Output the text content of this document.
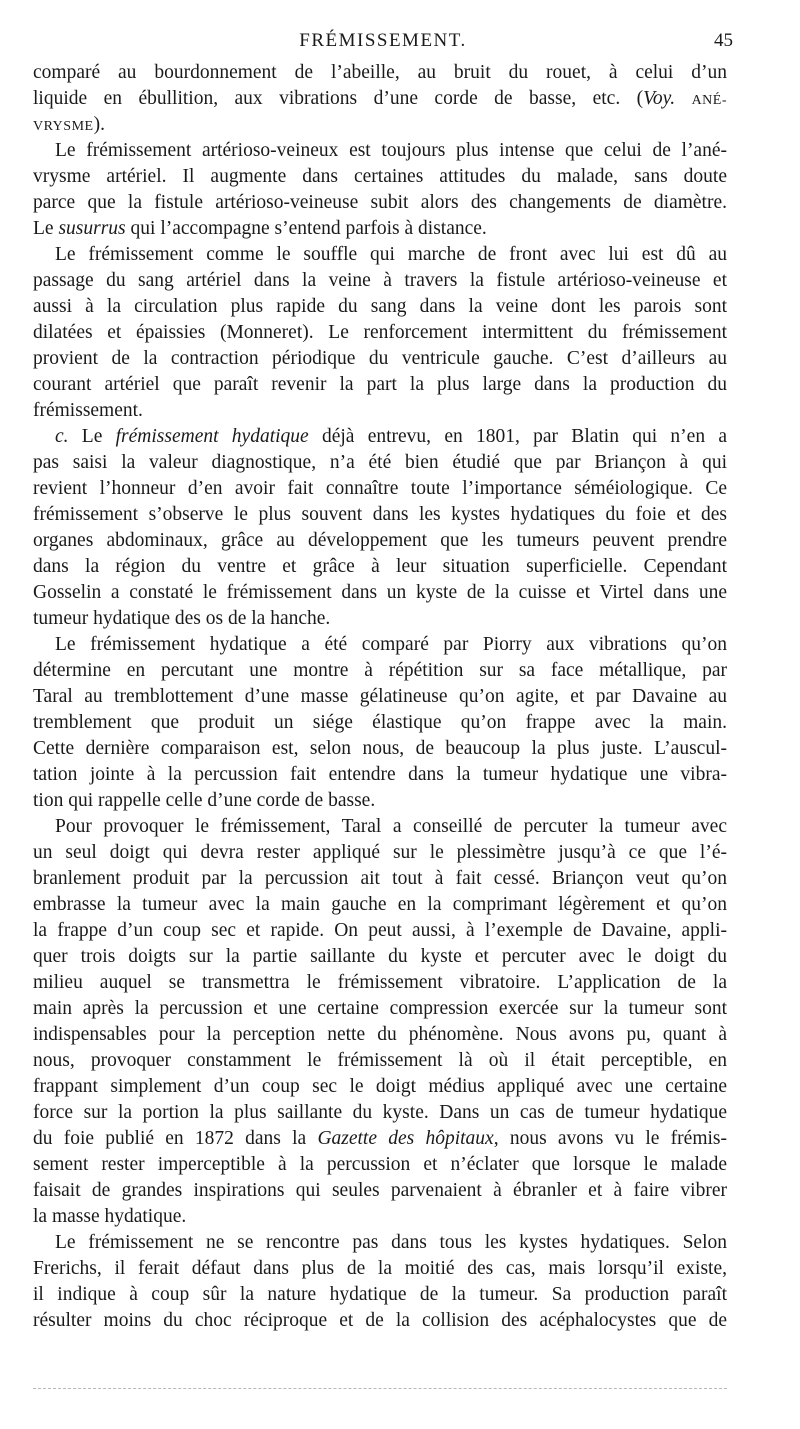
FRÉMISSEMENT.	45
comparé au bourdonnement de l’abeille, au bruit du rouet, à celui d’un
liquide en ébullition, aux vibrations d’une corde de basse, etc. (Voy. ANÉ-
VRYSME).
Le frémissement artérioso-veineux est toujours plus intense que celui de l’ané-
vrysme artériel. Il augmente dans certaines attitudes du malade, sans doute
parce que la fistule artérioso-veineuse subit alors des changements de diamètre.
Le susurrus qui l’accompagne s’entend parfois à distance.
Le frémissement comme le souffle qui marche de front avec lui est dû au
passage du sang artériel dans la veine à travers la fistule artérioso-veineuse et
aussi à la circulation plus rapide du sang dans la veine dont les parois sont
dilatées et épaissies (Monneret). Le renforcement intermittent du frémissement
provient de la contraction périodique du ventricule gauche. C’est d’ailleurs au
courant artériel que paraît revenir la part la plus large dans la production du
frémissement.
c. Le frémissement hydatique déjà entrevu, en 1801, par Blatin qui n’en a
pas saisi la valeur diagnostique, n’a été bien étudié que par Briançon à qui
revient l’honneur d’en avoir fait connaître toute l’importance séméiologique. Ce
frémissement s’observe le plus souvent dans les kystes hydatiques du foie et des
organes abdominaux, grâce au développement que les tumeurs peuvent prendre
dans la région du ventre et grâce à leur situation superficielle. Cependant
Gosselin a constaté le frémissement dans un kyste de la cuisse et Virtel dans une
tumeur hydatique des os de la hanche.
Le frémissement hydatique a été comparé par Piorry aux vibrations qu’on
détermine en percutant une montre à répétition sur sa face métallique, par
Taral au tremblottement d’une masse gélatineuse qu’on agite, et par Davaine au
tremblement que produit un siége élastique qu’on frappe avec la main.
Cette dernière comparaison est, selon nous, de beaucoup la plus juste. L’auscul-
tation jointe à la percussion fait entendre dans la tumeur hydatique une vibra-
tion qui rappelle celle d’une corde de basse.
Pour provoquer le frémissement, Taral a conseillé de percuter la tumeur avec
un seul doigt qui devra rester appliqué sur le plessimètre jusqu’à ce que l’é-
branlement produit par la percussion ait tout à fait cessé. Briançon veut qu’on
embrasse la tumeur avec la main gauche en la comprimant légèrement et qu’on
la frappe d’un coup sec et rapide. On peut aussi, à l’exemple de Davaine, appli-
quer trois doigts sur la partie saillante du kyste et percuter avec le doigt du
milieu auquel se transmettra le frémissement vibratoire. L’application de la
main après la percussion et une certaine compression exercée sur la tumeur sont
indispensables pour la perception nette du phénomène. Nous avons pu, quant à
nous, provoquer constamment le frémissement là où il était perceptible, en
frappant simplement d’un coup sec le doigt médius appliqué avec une certaine
force sur la portion la plus saillante du kyste. Dans un cas de tumeur hydatique
du foie publié en 1872 dans la Gazette des hôpitaux, nous avons vu le frémis-
sement rester imperceptible à la percussion et n’éclater que lorsque le malade
faisait de grandes inspirations qui seules parvenaient à ébranler et à faire vibrer
la masse hydatique.
Le frémissement ne se rencontre pas dans tous les kystes hydatiques. Selon
Frerichs, il ferait défaut dans plus de la moitié des cas, mais lorsqu’il existe,
il indique à coup sûr la nature hydatique de la tumeur. Sa production paraît
résulter moins du choc réciproque et de la collision des acéphalocystes que de
